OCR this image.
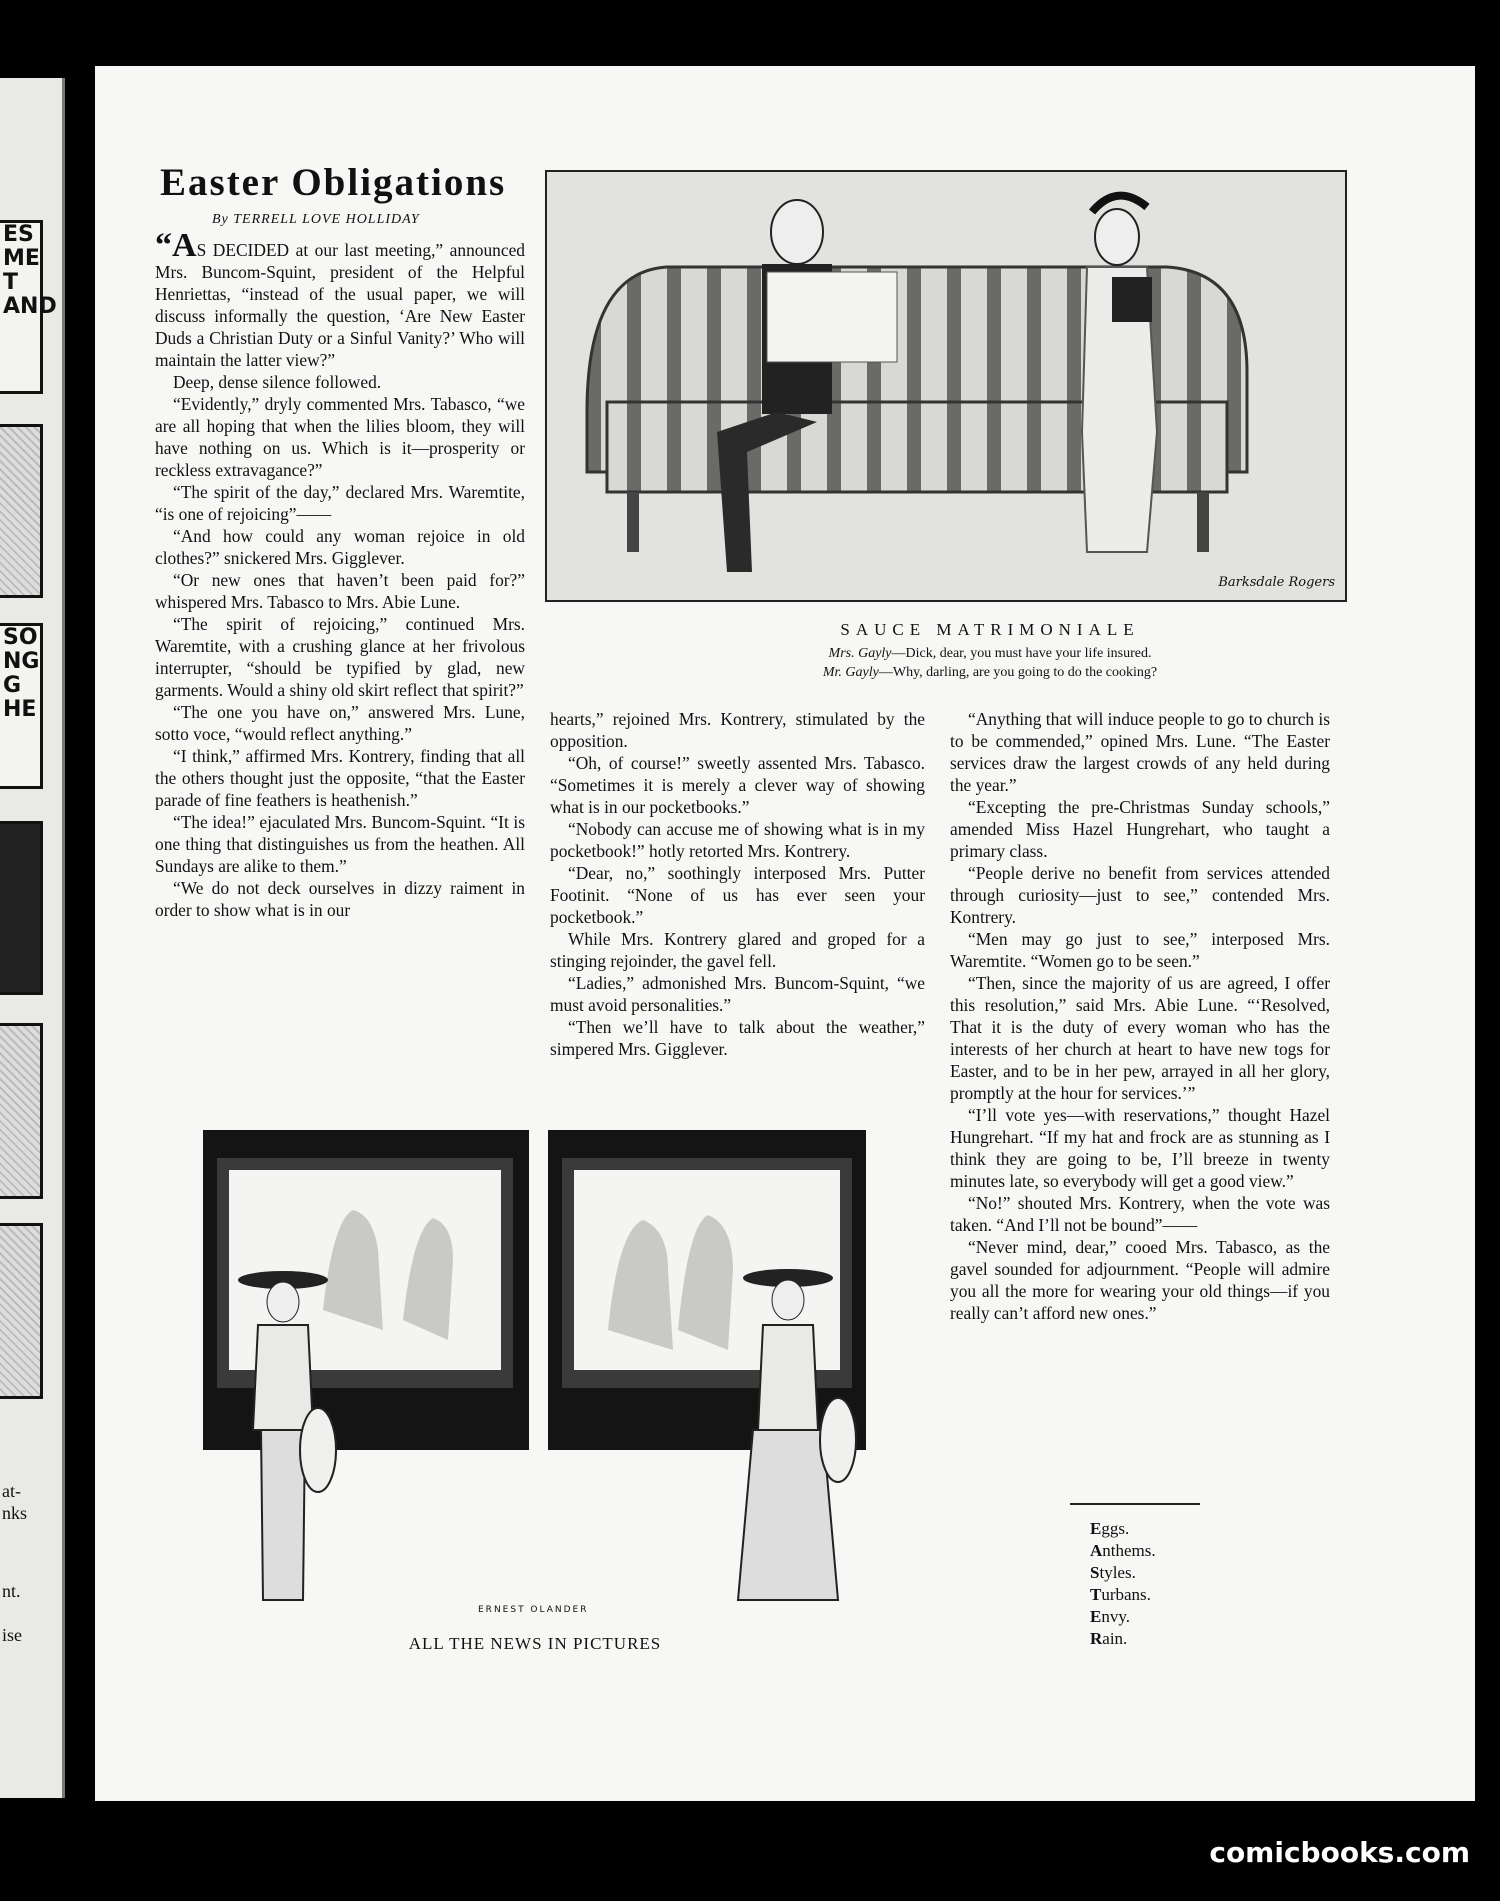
ES
ME
T
AND
SO
NG
G
HE
at-
nks
nt.
ise
Easter Obligations
By TERRELL LOVE HOLLIDAY

“AS DECIDED at our last meeting,” announced Mrs. Buncom-Squint, president of the Helpful Henriettas, “instead of the usual paper, we will discuss informally the question, ‘Are New Easter Duds a Christian Duty or a Sinful Vanity?’ Who will maintain the latter view?”

Deep, dense silence followed.

“Evidently,” dryly commented Mrs. Tabasco, “we are all hoping that when the lilies bloom, they will have nothing on us. Which is it—prosperity or reckless extravagance?”

“The spirit of the day,” declared Mrs. Waremtite, “is one of rejoicing”——

“And how could any woman rejoice in old clothes?” snickered Mrs. Gigglever.

“Or new ones that haven’t been paid for?” whispered Mrs. Tabasco to Mrs. Abie Lune.

“The spirit of rejoicing,” continued Mrs. Waremtite, with a crushing glance at her frivolous interrupter, “should be typified by glad, new garments. Would a shiny old skirt reflect that spirit?”

“The one you have on,” answered Mrs. Lune, sotto voce, “would reflect anything.”

“I think,” affirmed Mrs. Kontrery, finding that all the others thought just the opposite, “that the Easter parade of fine feathers is heathenish.”

“The idea!” ejaculated Mrs. Buncom-Squint. “It is one thing that distinguishes us from the heathen. All Sundays are alike to them.”

“We do not deck ourselves in dizzy raiment in order to show what is in our

Barksdale Rogers
SAUCE MATRIMONIALE
Mrs. Gayly—Dick, dear, you must have your life insured.
Mr. Gayly—Why, darling, are you going to do the cooking?

hearts,” rejoined Mrs. Kontrery, stimulated by the opposition.

“Oh, of course!” sweetly assented Mrs. Tabasco. “Sometimes it is merely a clever way of showing what is in our pocketbooks.”

“Nobody can accuse me of showing what is in my pocketbook!” hotly retorted Mrs. Kontrery.

“Dear, no,” soothingly interposed Mrs. Putter Footinit. “None of us has ever seen your pocketbook.”

While Mrs. Kontrery glared and groped for a stinging rejoinder, the gavel fell.

“Ladies,” admonished Mrs. Buncom-Squint, “we must avoid personalities.”

“Then we’ll have to talk about the weather,” simpered Mrs. Gigglever.

“Anything that will induce people to go to church is to be commended,” opined Mrs. Lune. “The Easter services draw the largest crowds of any held during the year.”

“Excepting the pre-Christmas Sunday schools,” amended Miss Hazel Hungrehart, who taught a primary class.

“People derive no benefit from services attended through curiosity—just to see,” contended Mrs. Kontrery.

“Men may go just to see,” interposed Mrs. Waremtite. “Women go to be seen.”

“Then, since the majority of us are agreed, I offer this resolution,” said Mrs. Abie Lune. “‘Resolved, That it is the duty of every woman who has the interests of her church at heart to have new togs for Easter, and to be in her pew, arrayed in all her glory, promptly at the hour for services.’”

“I’ll vote yes—with reservations,” thought Hazel Hungrehart. “If my hat and frock are as stunning as I think they are going to be, I’ll breeze in twenty minutes late, so everybody will get a good view.”

“No!” shouted Mrs. Kontrery, when the vote was taken. “And I’ll not be bound”——

“Never mind, dear,” cooed Mrs. Tabasco, as the gavel sounded for adjournment. “People will admire you all the more for wearing your old things—if you really can’t afford new ones.”

Eggs.
Anthems.
Styles.
Turbans.
Envy.
Rain.
ERNEST OLANDER
ALL THE NEWS IN PICTURES
comicbooks.com
